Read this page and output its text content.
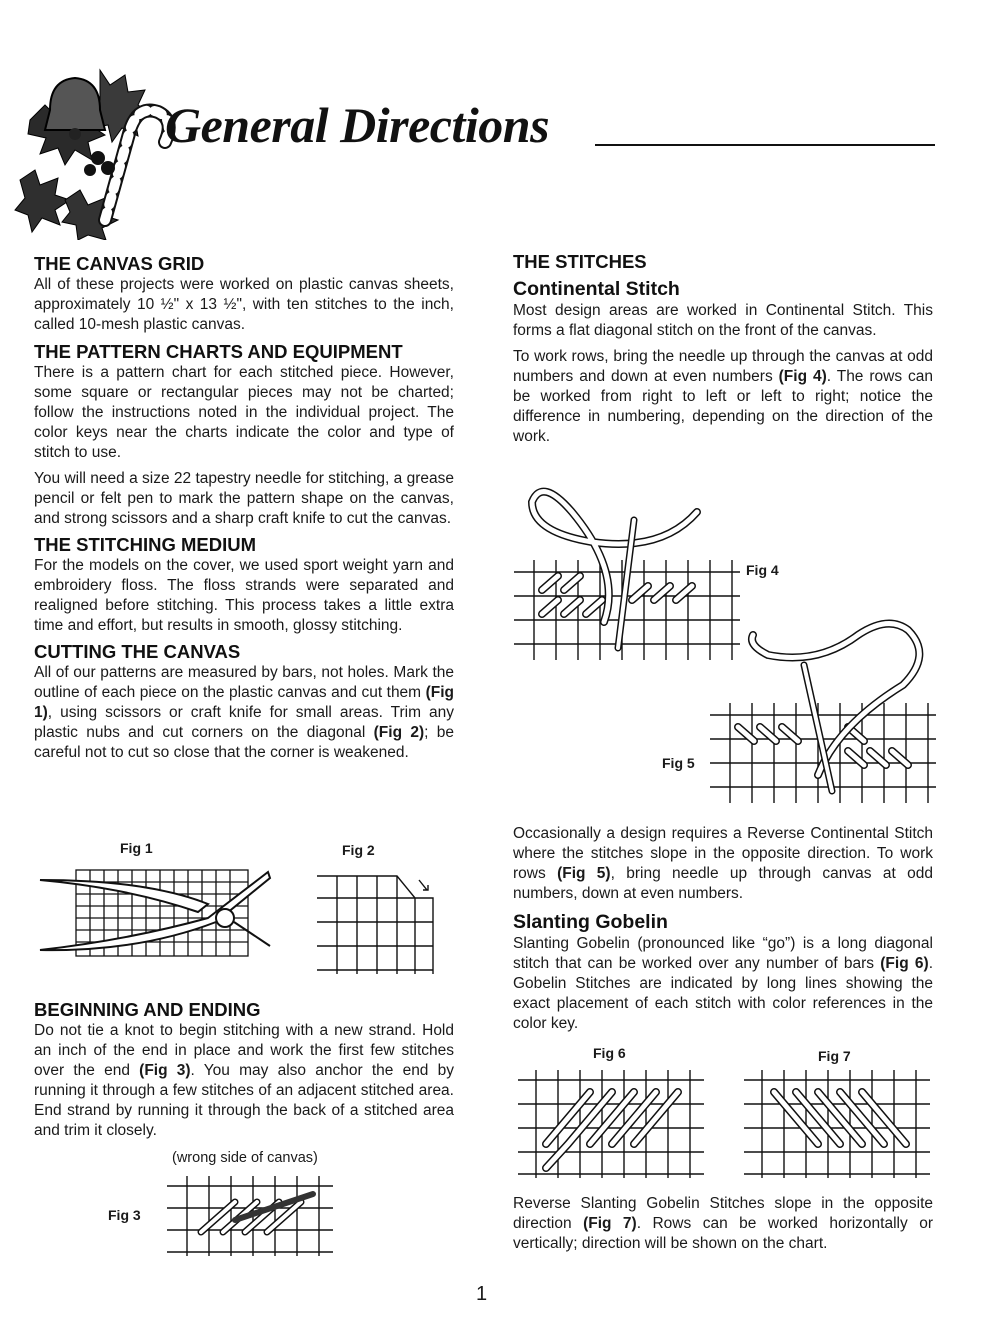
General Directions
THE CANVAS GRID

All of these projects were worked on plastic canvas sheets, approximately 10 ½" x 13 ½", with ten stitches to the inch, called 10-mesh plastic canvas.

THE PATTERN CHARTS AND EQUIPMENT

There is a pattern chart for each stitched piece. However, some square or rectangular pieces may not be charted; follow the instructions noted in the individual project. The color keys near the charts indicate the color and type of stitch to use.

You will need a size 22 tapestry needle for stitching, a grease pencil or felt pen to mark the pattern shape on the canvas, and strong scissors and a sharp craft knife to cut the canvas.

THE STITCHING MEDIUM

For the models on the cover, we used sport weight yarn and embroidery floss. The floss strands were separated and realigned before stitching. This process takes a little extra time and effort, but results in smooth, glossy stitching.

CUTTING THE CANVAS

All of our patterns are measured by bars, not holes. Mark the outline of each piece on the plastic canvas and cut them (Fig 1), using scissors or craft knife for small areas. Trim any plastic nubs and cut corners on the diagonal (Fig 2); be careful not to cut so close that the corner is weakened.

Fig 1	Fig 2
BEGINNING AND ENDING

Do not tie a knot to begin stitching with a new strand. Hold an inch of the end in place and work the first few stitches over the end (Fig 3). You may also anchor the end by running it through a few stitches of an adjacent stitched area. End strand by running it through the back of a stitched area and trim it closely.

(wrong side of canvas)
Fig 3
THE STITCHES
Continental Stitch

Most design areas are worked in Continental Stitch. This forms a flat diagonal stitch on the front of the canvas.

To work rows, bring the needle up through the canvas at odd numbers and down at even numbers (Fig 4). The rows can be worked from right to left or left to right; notice the difference in numbering, depending on the direction of the work.

Fig 4
Fig 5

Occasionally a design requires a Reverse Continental Stitch where the stitches slope in the opposite direction. To work rows (Fig 5), bring needle up through canvas at odd numbers, down at even numbers.

Slanting Gobelin

Slanting Gobelin (pronounced like “go”) is a long diagonal stitch that can be worked over any number of bars (Fig 6). Gobelin Stitches are indicated by long lines showing the exact placement of each stitch with color references in the color key.

Fig 6	Fig 7

Reverse Slanting Gobelin Stitches slope in the opposite direction (Fig 7). Rows can be worked horizontally or vertically; direction will be shown on the chart.

1
